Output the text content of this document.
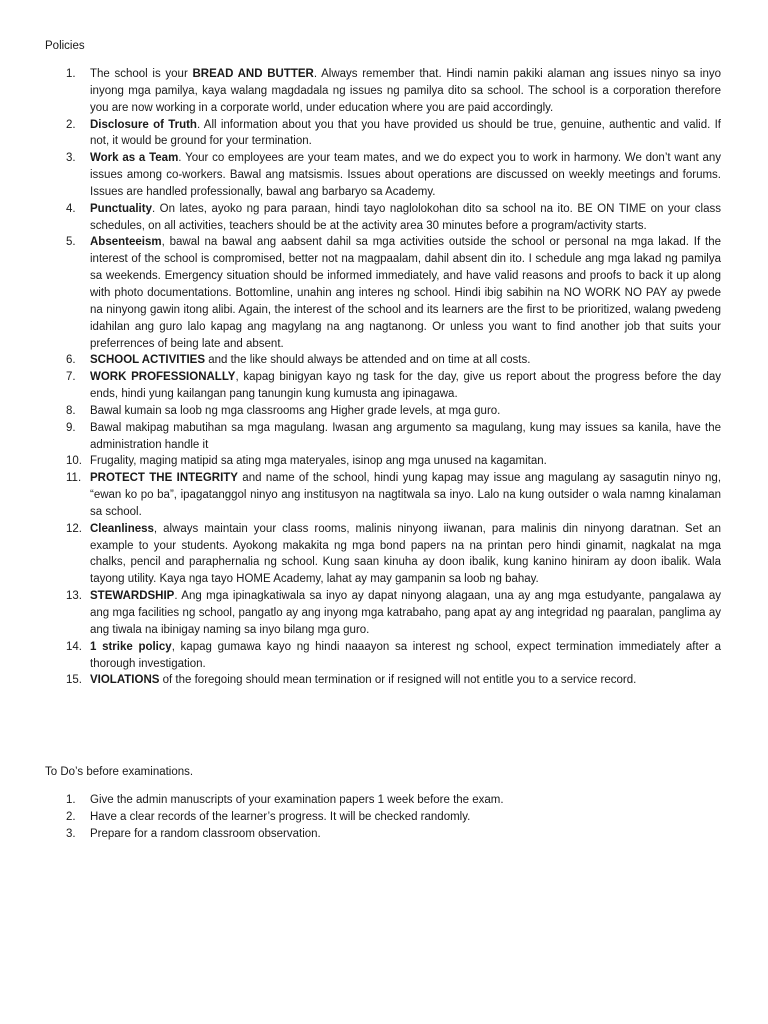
Policies
1.	The school is your BREAD AND BUTTER. Always remember that. Hindi namin pakiki alaman ang issues ninyo sa inyo inyong mga pamilya, kaya walang magdadala ng issues ng pamilya dito sa school. The school is a corporation therefore you are now working in a corporate world, under education where you are paid accordingly.
2.	Disclosure of Truth. All information about you that you have provided us should be true, genuine, authentic and valid. If not, it would be ground for your termination.
3.	Work as a Team. Your co employees are your team mates, and we do expect you to work in harmony. We don’t want any issues among co-workers. Bawal ang matsismis. Issues about operations are discussed on weekly meetings and forums. Issues are handled professionally, bawal ang barbaryo sa Academy.
4.	Punctuality. On lates, ayoko ng para paraan, hindi tayo naglolokohan dito sa school na ito. BE ON TIME on your class schedules, on all activities, teachers should be at the activity area 30 minutes before a program/activity starts.
5.	Absenteeism, bawal na bawal ang aabsent dahil sa mga activities outside the school or personal na mga lakad. If the interest of the school is compromised, better not na magpaalam, dahil absent din ito. I schedule ang mga lakad ng pamilya sa weekends. Emergency situation should be informed immediately, and have valid reasons and proofs to back it up along with photo documentations. Bottomline, unahin ang interes ng school. Hindi ibig sabihin na NO WORK NO PAY ay pwede na ninyong gawin itong alibi. Again, the interest of the school and its learners are the first to be prioritized, walang pwedeng idahilan ang guro lalo kapag ang magylang na ang nagtanong. Or unless you want to find another job that suits your preferrences of being late and absent.
6.	SCHOOL ACTIVITIES and the like should always be attended and on time at all costs.
7.	WORK PROFESSIONALLY, kapag binigyan kayo ng task for the day, give us report about the progress before the day ends, hindi yung kailangan pang tanungin kung kumusta ang ipinagawa.
8.	Bawal kumain sa loob ng mga classrooms ang Higher grade levels, at mga guro.
9.	Bawal makipag mabutihan sa mga magulang. Iwasan ang argumento sa magulang, kung may issues sa kanila, have the administration handle it
10. Frugality, maging matipid sa ating mga materyales, isinop ang mga unused na kagamitan.
11. PROTECT THE INTEGRITY and name of the school, hindi yung kapag may issue ang magulang ay sasagutin ninyo ng, “ewan ko po ba”, ipagatanggol ninyo ang institusyon na nagtitwala sa inyo. Lalo na kung outsider o wala namng kinalaman sa school.
12. Cleanliness, always maintain your class rooms, malinis ninyong iiwanan, para malinis din ninyong daratnan. Set an example to your students. Ayokong makakita ng mga bond papers na na printan pero hindi ginamit, nagkalat na mga chalks, pencil and paraphernalia ng school. Kung saan kinuha ay doon ibalik, kung kanino hiniram ay doon ibalik. Wala tayong utility. Kaya nga tayo HOME Academy, lahat ay may gampanin sa loob ng bahay.
13. STEWARDSHIP. Ang mga ipinagkatiwala sa inyo ay dapat ninyong alagaan, una ay ang mga estudyante, pangalawa ay ang mga facilities ng school, pangatlo ay ang inyong mga katrabaho, pang apat ay ang integridad ng paaralan, panglima ay ang tiwala na ibinigay naming sa inyo bilang mga guro.
14. 1 strike policy, kapag gumawa kayo ng hindi naaayon sa interest ng school, expect termination immediately after a thorough investigation.
15. VIOLATIONS of the foregoing should mean termination or if resigned will not entitle you to a service record.
To Do’s before examinations.
1.	Give the admin manuscripts of your examination papers 1 week before the exam.
2.	Have a clear records of the learner’s progress. It will be checked randomly.
3.	Prepare for a random classroom observation.
